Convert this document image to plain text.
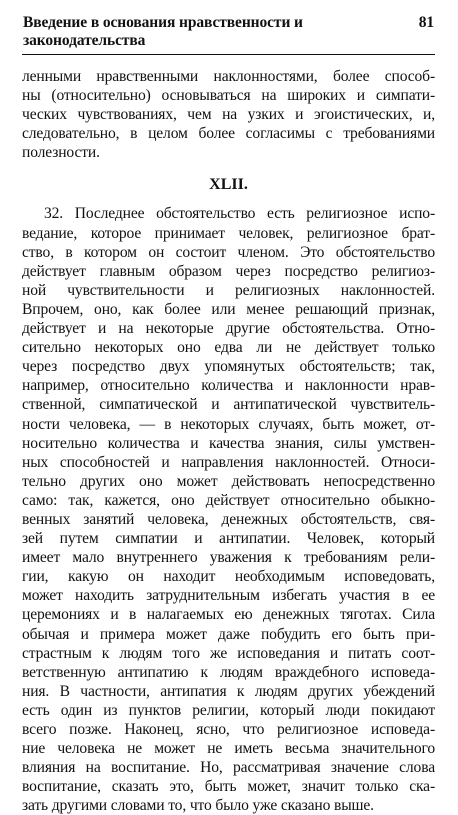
Введение в основания нравственности и законодательства
81
ленными нравственными наклонностями, более способ-
ны (относительно) основываться на широких и симпати-
ческих чувствованиях, чем на узких и эгоистических, и,
следовательно, в целом более согласимы с требованиями
полезности.
XLII.
32. Последнее обстоятельство есть религиозное испо-
ведание, которое принимает человек, религиозное брат-
ство, в котором он состоит членом. Это обстоятельство
действует главным образом через посредство религиоз-
ной чувствительности и религиозных наклонностей.
Впрочем, оно, как более или менее решающий признак,
действует и на некоторые другие обстоятельства. Отно-
сительно некоторых оно едва ли не действует только
через посредство двух упомянутых обстоятельств; так,
например, относительно количества и наклонности нрав-
ственной, симпатической и антипатической чувствитель-
ности человека, — в некоторых случаях, быть может, от-
носительно количества и качества знания, силы умствен-
ных способностей и направления наклонностей. Относи-
тельно других оно может действовать непосредственно
само: так, кажется, оно действует относительно обыкно-
венных занятий человека, денежных обстоятельств, свя-
зей путем симпатии и антипатии. Человек, который
имеет мало внутреннего уважения к требованиям рели-
гии, какую он находит необходимым исповедовать,
может находить затруднительным избегать участия в ее
церемониях и в налагаемых ею денежных тяготах. Сила
обычая и примера может даже побудить его быть при-
страстным к людям того же исповедания и питать соот-
ветственную антипатию к людям враждебного исповеда-
ния. В частности, антипатия к людям других убеждений
есть один из пунктов религии, который люди покидают
всего позже. Наконец, ясно, что религиозное исповеда-
ние человека не может не иметь весьма значительного
влияния на воспитание. Но, рассматривая значение слова
воспитание, сказать это, быть может, значит только ска-
зать другими словами то, что было уже сказано выше.
